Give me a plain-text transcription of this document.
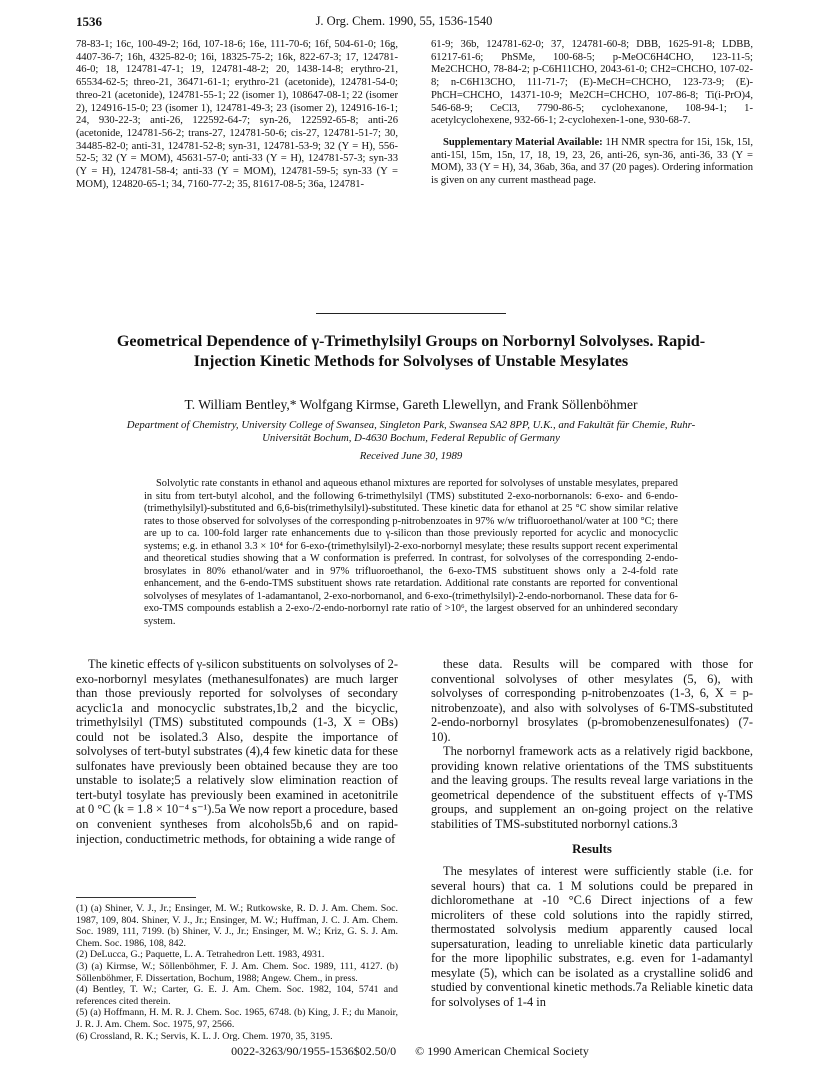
1536	J. Org. Chem. 1990, 55, 1536-1540

78-83-1; 16c, 100-49-2; 16d, 107-18-6; 16e, 111-70-6; 16f, 504-61-0; 16g, 4407-36-7; 16h, 4325-82-0; 16i, 18325-75-2; 16k, 822-67-3; 17, 124781-46-0; 18, 124781-47-1; 19, 124781-48-2; 20, 1438-14-8; erythro-21, 65534-62-5; threo-21, 36471-61-1; erythro-21 (acetonide), 124781-54-0; threo-21 (acetonide), 124781-55-1; 22 (isomer 1), 108647-08-1; 22 (isomer 2), 124916-15-0; 23 (isomer 1), 124781-49-3; 23 (isomer 2), 124916-16-1; 24, 930-22-3; anti-26, 122592-64-7; syn-26, 122592-65-8; anti-26 (acetonide, 124781-56-2; trans-27, 124781-50-6; cis-27, 124781-51-7; 30, 34485-82-0; anti-31, 124781-52-8; syn-31, 124781-53-9; 32 (Y = H), 556-52-5; 32 (Y = MOM), 45631-57-0; anti-33 (Y = H), 124781-57-3; syn-33 (Y = H), 124781-58-4; anti-33 (Y = MOM), 124781-59-5; syn-33 (Y = MOM), 124820-65-1; 34, 7160-77-2; 35, 81617-08-5; 36a, 124781-

61-9; 36b, 124781-62-0; 37, 124781-60-8; DBB, 1625-91-8; LDBB, 61217-61-6; PhSMe, 100-68-5; p-MeOC6H4CHO, 123-11-5; Me2CHCHO, 78-84-2; p-C6H11CHO, 2043-61-0; CH2=CHCHO, 107-02-8; n-C6H13CHO, 111-71-7; (E)-MeCH=CHCHO, 123-73-9; (E)-PhCH=CHCHO, 14371-10-9; Me2CH=CHCHO, 107-86-8; Ti(i-PrO)4, 546-68-9; CeCl3, 7790-86-5; cyclohexanone, 108-94-1; 1-acetylcyclohexene, 932-66-1; 2-cyclohexen-1-one, 930-68-7.

Supplementary Material Available: 1H NMR spectra for 15i, 15k, 15l, anti-15l, 15m, 15n, 17, 18, 19, 23, 26, anti-26, syn-36, anti-36, 33 (Y = MOM), 33 (Y = H), 34, 36ab, 36a, and 37 (20 pages). Ordering information is given on any current masthead page.

Geometrical Dependence of γ-Trimethylsilyl Groups on Norbornyl Solvolyses. Rapid-Injection Kinetic Methods for Solvolyses of Unstable Mesylates
T. William Bentley,* Wolfgang Kirmse, Gareth Llewellyn, and Frank Söllenböhmer
Department of Chemistry, University College of Swansea, Singleton Park, Swansea SA2 8PP, U.K., and Fakultät für Chemie, Ruhr-Universität Bochum, D-4630 Bochum, Federal Republic of Germany
Received June 30, 1989
Solvolytic rate constants in ethanol and aqueous ethanol mixtures are reported for solvolyses of unstable mesylates, prepared in situ from tert-butyl alcohol, and the following 6-trimethylsilyl (TMS) substituted 2-exo-norbornanols: 6-exo- and 6-endo-(trimethylsilyl)-substituted and 6,6-bis(trimethylsilyl)-substituted. These kinetic data for ethanol at 25 °C show similar relative rates to those observed for solvolyses of the corresponding p-nitrobenzoates in 97% w/w trifluoroethanol/water at 100 °C; there are up to ca. 100-fold larger rate enhancements due to γ-silicon than those previously reported for acyclic and monocyclic systems; e.g. in ethanol 3.3 × 10⁴ for 6-exo-(trimethylsilyl)-2-exo-norbornyl mesylate; these results support recent experimental and theoretical studies showing that a W conformation is preferred. In contrast, for solvolyses of the corresponding 2-endo-brosylates in 80% ethanol/water and in 97% trifluoroethanol, the 6-exo-TMS substituent shows only a 2-4-fold rate enhancement, and the 6-endo-TMS substituent shows rate retardation. Additional rate constants are reported for conventional solvolyses of mesylates of 1-adamantanol, 2-exo-norbornanol, and 6-exo-(trimethylsilyl)-2-endo-norbornanol. These data for 6-exo-TMS compounds establish a 2-exo-/2-endo-norbornyl rate ratio of >10⁶, the largest observed for an unhindered secondary system.

The kinetic effects of γ-silicon substituents on solvolyses of 2-exo-norbornyl mesylates (methanesulfonates) are much larger than those previously reported for solvolyses of secondary acyclic1a and monocyclic substrates,1b,2 and the bicyclic, trimethylsilyl (TMS) substituted compounds (1-3, X = OBs) could not be isolated.3 Also, despite the importance of solvolyses of tert-butyl substrates (4),4 few kinetic data for these sulfonates have previously been obtained because they are too unstable to isolate;5 a relatively slow elimination reaction of tert-butyl tosylate has previously been examined in acetonitrile at 0 °C (k = 1.8 × 10⁻⁴ s⁻¹).5a We now report a procedure, based on convenient syntheses from alcohols5b,6 and on rapid-injection, conductimetric methods, for obtaining a wide range of

(1) (a) Shiner, V. J., Jr.; Ensinger, M. W.; Rutkowske, R. D. J. Am. Chem. Soc. 1987, 109, 804. Shiner, V. J., Jr.; Ensinger, M. W.; Huffman, J. C. J. Am. Chem. Soc. 1989, 111, 7199. (b) Shiner, V. J., Jr.; Ensinger, M. W.; Kriz, G. S. J. Am. Chem. Soc. 1986, 108, 842.

(2) DeLucca, G.; Paquette, L. A. Tetrahedron Lett. 1983, 4931.

(3) (a) Kirmse, W.; Söllenböhmer, F. J. Am. Chem. Soc. 1989, 111, 4127. (b) Söllenböhmer, F. Dissertation, Bochum, 1988; Angew. Chem., in press.

(4) Bentley, T. W.; Carter, G. E. J. Am. Chem. Soc. 1982, 104, 5741 and references cited therein.

(5) (a) Hoffmann, H. M. R. J. Chem. Soc. 1965, 6748. (b) King, J. F.; du Manoir, J. R. J. Am. Chem. Soc. 1975, 97, 2566.

(6) Crossland, R. K.; Servis, K. L. J. Org. Chem. 1970, 35, 3195.

these data. Results will be compared with those for conventional solvolyses of other mesylates (5, 6), with solvolyses of corresponding p-nitrobenzoates (1-3, 6, X = p-nitrobenzoate), and also with solvolyses of 6-TMS-substituted 2-endo-norbornyl brosylates (p-bromobenzenesulfonates) (7-10).

The norbornyl framework acts as a relatively rigid backbone, providing known relative orientations of the TMS substituents and the leaving groups. The results reveal large variations in the geometrical dependence of the substituent effects of γ-TMS groups, and supplement an on-going project on the relative stabilities of TMS-substituted norbornyl cations.3

Results

The mesylates of interest were sufficiently stable (i.e. for several hours) that ca. 1 M solutions could be prepared in dichloromethane at -10 °C.6 Direct injections of a few microliters of these cold solutions into the rapidly stirred, thermostated solvolysis medium apparently caused local supersaturation, leading to unreliable kinetic data particularly for the more lipophilic substrates, e.g. even for 1-adamantyl mesylate (5), which can be isolated as a crystalline solid6 and studied by conventional kinetic methods.7a Reliable kinetic data for solvolyses of 1-4 in

0022-3263/90/1955-1536$02.50/0 © 1990 American Chemical Society
